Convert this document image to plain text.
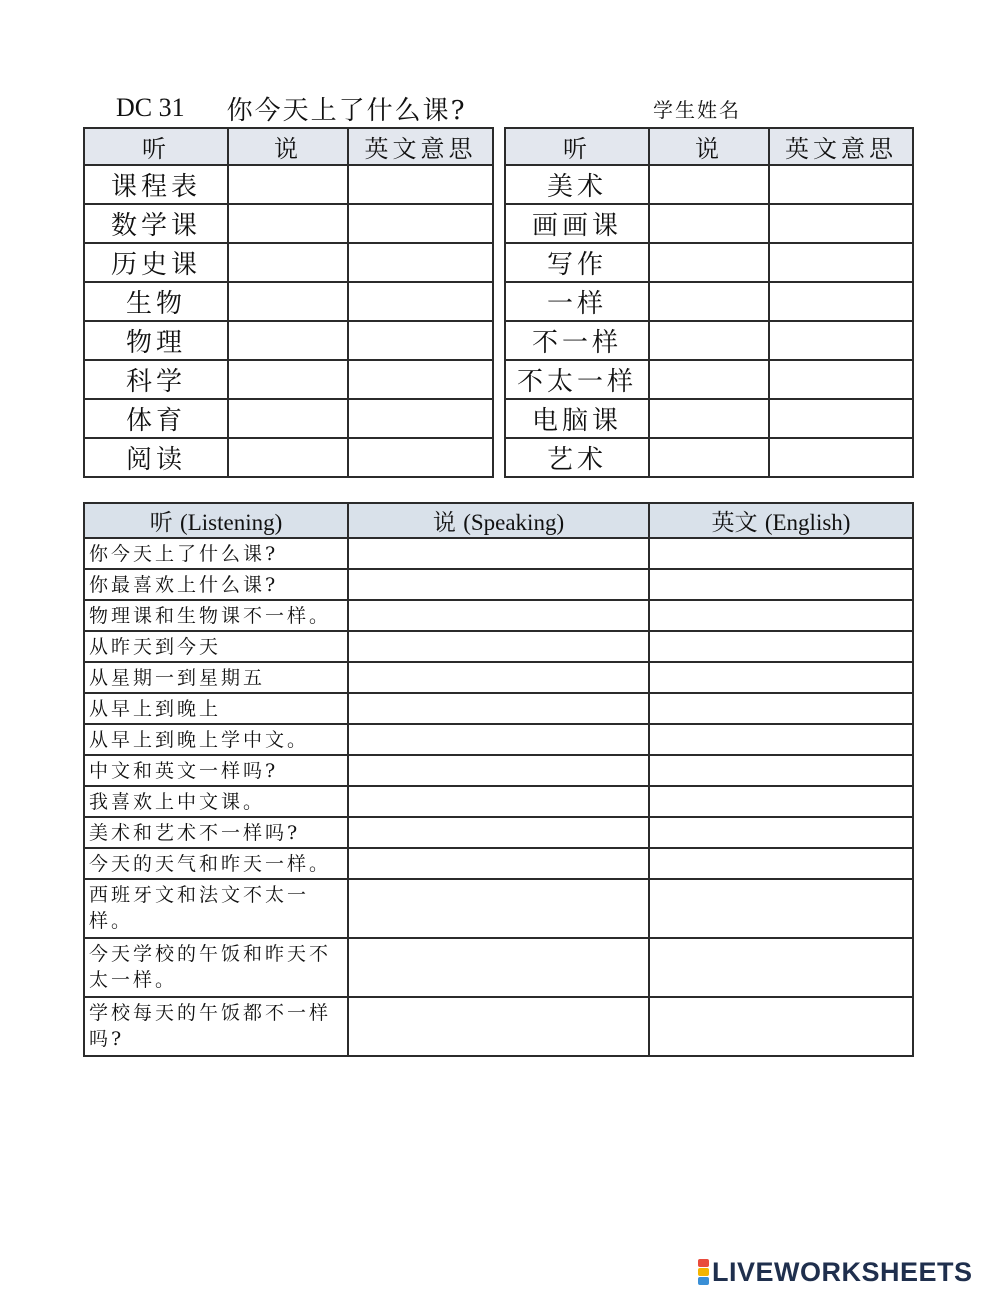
DC 31 你今天上了什么课?	学生姓名
听	说	英文意思
课程表		
数学课		
历史课		
生物		
物理		
科学		
体育		
阅读		
听	说	英文意思
美术		
画画课		
写作		
一样		
不一样		
不太一样		
电脑课		
艺术		
听 (Listening)	说 (Speaking)	英文 (English)
你今天上了什么课?		
你最喜欢上什么课?		
物理课和生物课不一样。		
从昨天到今天		
从星期一到星期五		
从早上到晚上		
从早上到晚上学中文。		
中文和英文一样吗?		
我喜欢上中文课。		
美术和艺术不一样吗?		
今天的天气和昨天一样。		
西班牙文和法文不太一样。		
今天学校的午饭和昨天不太一样。		
学校每天的午饭都不一样吗?		
LIVEWORKSHEETS
